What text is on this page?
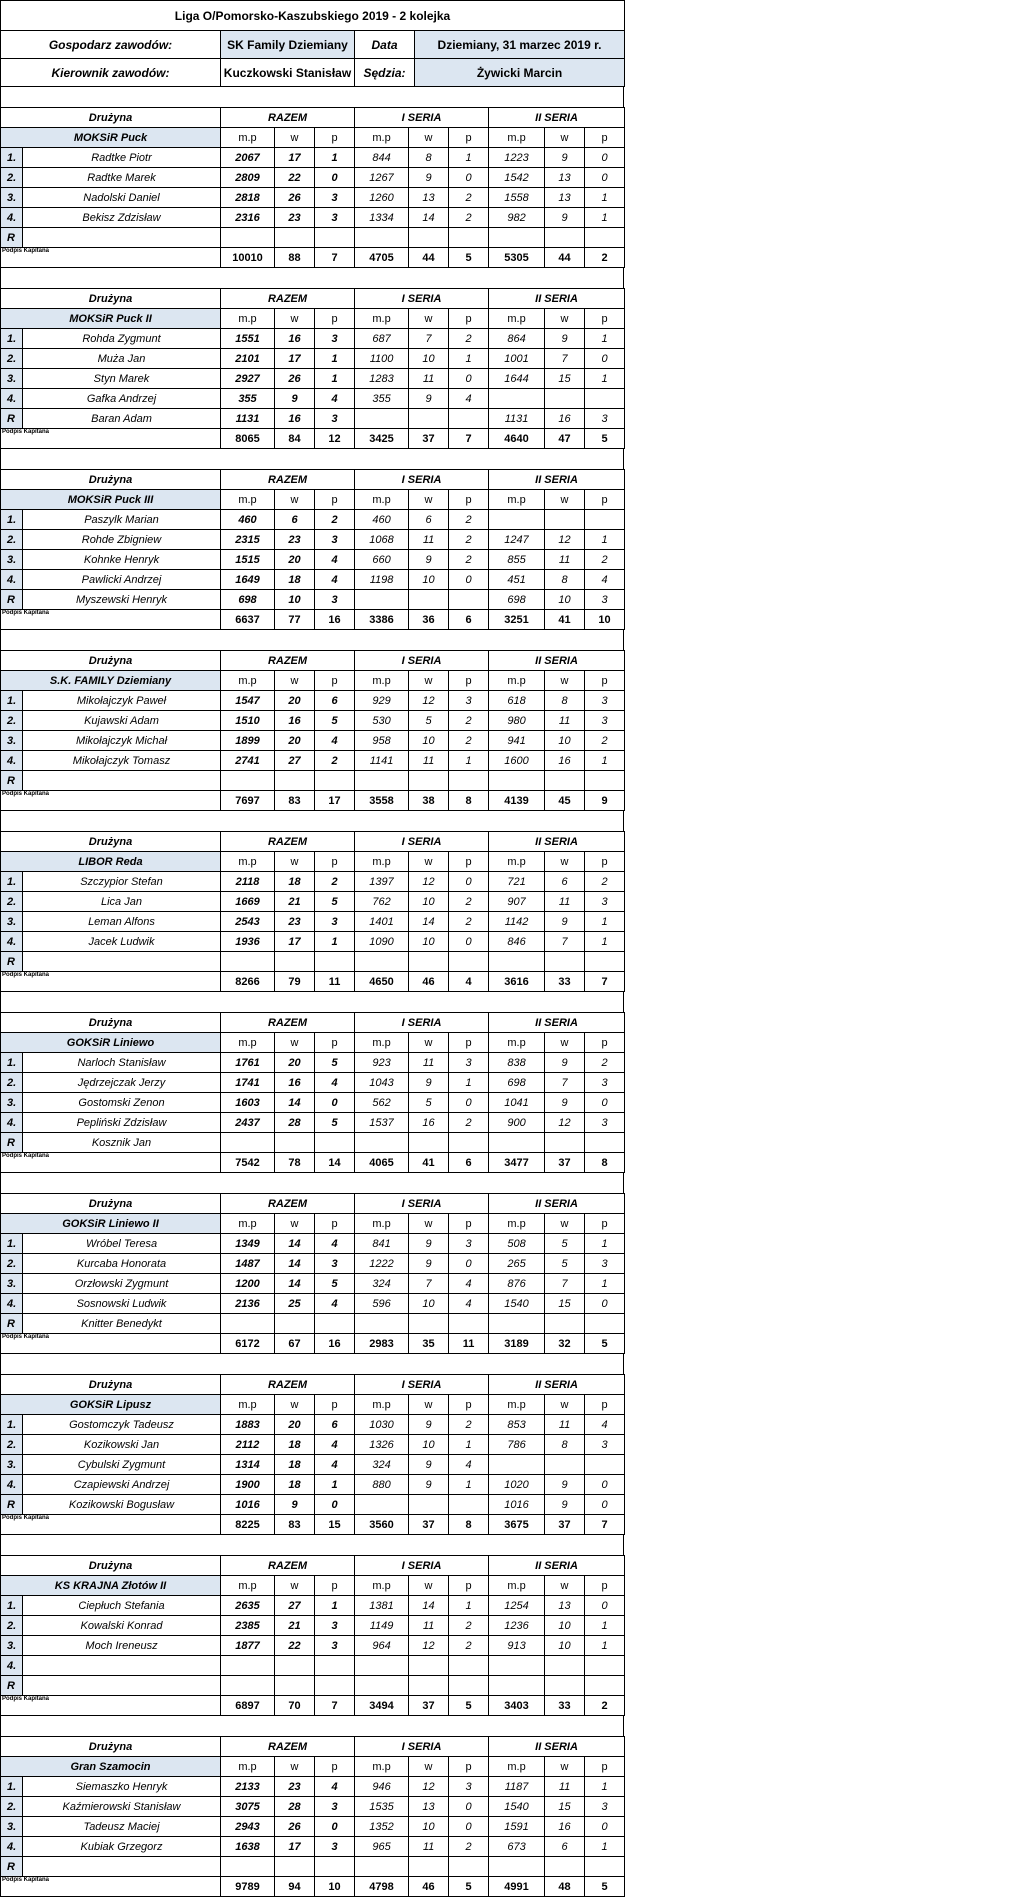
Liga O/Pomorsko-Kaszubskiego 2019 - 2 kolejka			
Gospodarz zawodów:	SK Family Dziemiany	Data	Dziemiany, 31 marzec 2019 r.
Kierownik zawodów:	Kuczkowski Stanisław	Sędzia:	Żywicki Marcin
Drużyna		RAZEM			I SERIA			II SERIA		
MOKSiR Puck		m.p	w	p	m.p	w	p	m.p	w	p
1.	Radtke Piotr	2067	17	1	844	8	1	1223	9	0
2.	Radtke Marek	2809	22	0	1267	9	0	1542	13	0
3.	Nadolski Daniel	2818	26	3	1260	13	2	1558	13	1
4.	Bekisz Zdzisław	2316	23	3	1334	14	2	982	9	1
R										
Podpis Kapitana		10010	88	7	4705	44	5	5305	44	2
Drużyna		RAZEM			I SERIA			II SERIA		
MOKSiR Puck II		m.p	w	p	m.p	w	p	m.p	w	p
1.	Rohda Zygmunt	1551	16	3	687	7	2	864	9	1
2.	Muża Jan	2101	17	1	1100	10	1	1001	7	0
3.	Styn Marek	2927	26	1	1283	11	0	1644	15	1
4.	Gafka Andrzej	355	9	4	355	9	4			
R	Baran Adam	1131	16	3				1131	16	3
Podpis Kapitana		8065	84	12	3425	37	7	4640	47	5
Drużyna		RAZEM			I SERIA			II SERIA		
MOKSiR Puck III		m.p	w	p	m.p	w	p	m.p	w	p
1.	Paszylk Marian	460	6	2	460	6	2			
2.	Rohde Zbigniew	2315	23	3	1068	11	2	1247	12	1
3.	Kohnke Henryk	1515	20	4	660	9	2	855	11	2
4.	Pawlicki Andrzej	1649	18	4	1198	10	0	451	8	4
R	Myszewski Henryk	698	10	3				698	10	3
Podpis Kapitana		6637	77	16	3386	36	6	3251	41	10
Drużyna		RAZEM			I SERIA			II SERIA		
S.K. FAMILY Dziemiany		m.p	w	p	m.p	w	p	m.p	w	p
1.	Mikołajczyk Paweł	1547	20	6	929	12	3	618	8	3
2.	Kujawski Adam	1510	16	5	530	5	2	980	11	3
3.	Mikołajczyk Michał	1899	20	4	958	10	2	941	10	2
4.	Mikołajczyk Tomasz	2741	27	2	1141	11	1	1600	16	1
R										
Podpis Kapitana		7697	83	17	3558	38	8	4139	45	9
Drużyna		RAZEM			I SERIA			II SERIA		
LIBOR Reda		m.p	w	p	m.p	w	p	m.p	w	p
1.	Szczypior Stefan	2118	18	2	1397	12	0	721	6	2
2.	Lica Jan	1669	21	5	762	10	2	907	11	3
3.	Leman Alfons	2543	23	3	1401	14	2	1142	9	1
4.	Jacek Ludwik	1936	17	1	1090	10	0	846	7	1
R										
Podpis Kapitana		8266	79	11	4650	46	4	3616	33	7
Drużyna		RAZEM			I SERIA			II SERIA		
GOKSiR Liniewo		m.p	w	p	m.p	w	p	m.p	w	p
1.	Narloch Stanisław	1761	20	5	923	11	3	838	9	2
2.	Jędrzejczak Jerzy	1741	16	4	1043	9	1	698	7	3
3.	Gostomski Zenon	1603	14	0	562	5	0	1041	9	0
4.	Pepliński Zdzisław	2437	28	5	1537	16	2	900	12	3
R	Kosznik Jan									
Podpis Kapitana		7542	78	14	4065	41	6	3477	37	8
Drużyna		RAZEM			I SERIA			II SERIA		
GOKSiR Liniewo II		m.p	w	p	m.p	w	p	m.p	w	p
1.	Wróbel Teresa	1349	14	4	841	9	3	508	5	1
2.	Kurcaba Honorata	1487	14	3	1222	9	0	265	5	3
3.	Orzłowski Zygmunt	1200	14	5	324	7	4	876	7	1
4.	Sosnowski Ludwik	2136	25	4	596	10	4	1540	15	0
R	Knitter Benedykt									
Podpis Kapitana		6172	67	16	2983	35	11	3189	32	5
Drużyna		RAZEM			I SERIA			II SERIA		
GOKSiR Lipusz		m.p	w	p	m.p	w	p	m.p	w	p
1.	Gostomczyk Tadeusz	1883	20	6	1030	9	2	853	11	4
2.	Kozikowski Jan	2112	18	4	1326	10	1	786	8	3
3.	Cybulski Zygmunt	1314	18	4	324	9	4			
4.	Czapiewski Andrzej	1900	18	1	880	9	1	1020	9	0
R	Kozikowski Bogusław	1016	9	0				1016	9	0
Podpis Kapitana		8225	83	15	3560	37	8	3675	37	7
Drużyna		RAZEM			I SERIA			II SERIA		
KS KRAJNA Złotów II		m.p	w	p	m.p	w	p	m.p	w	p
1.	Ciepłuch Stefania	2635	27	1	1381	14	1	1254	13	0
2.	Kowalski Konrad	2385	21	3	1149	11	2	1236	10	1
3.	Moch Ireneusz	1877	22	3	964	12	2	913	10	1
4.										
R										
Podpis Kapitana		6897	70	7	3494	37	5	3403	33	2
Drużyna		RAZEM			I SERIA			II SERIA		
Gran Szamocin		m.p	w	p	m.p	w	p	m.p	w	p
1.	Siemaszko Henryk	2133	23	4	946	12	3	1187	11	1
2.	Kaźmierowski Stanisław	3075	28	3	1535	13	0	1540	15	3
3.	Tadeusz Maciej	2943	26	0	1352	10	0	1591	16	0
4.	Kubiak Grzegorz	1638	17	3	965	11	2	673	6	1
R										
Podpis Kapitana		9789	94	10	4798	46	5	4991	48	5
